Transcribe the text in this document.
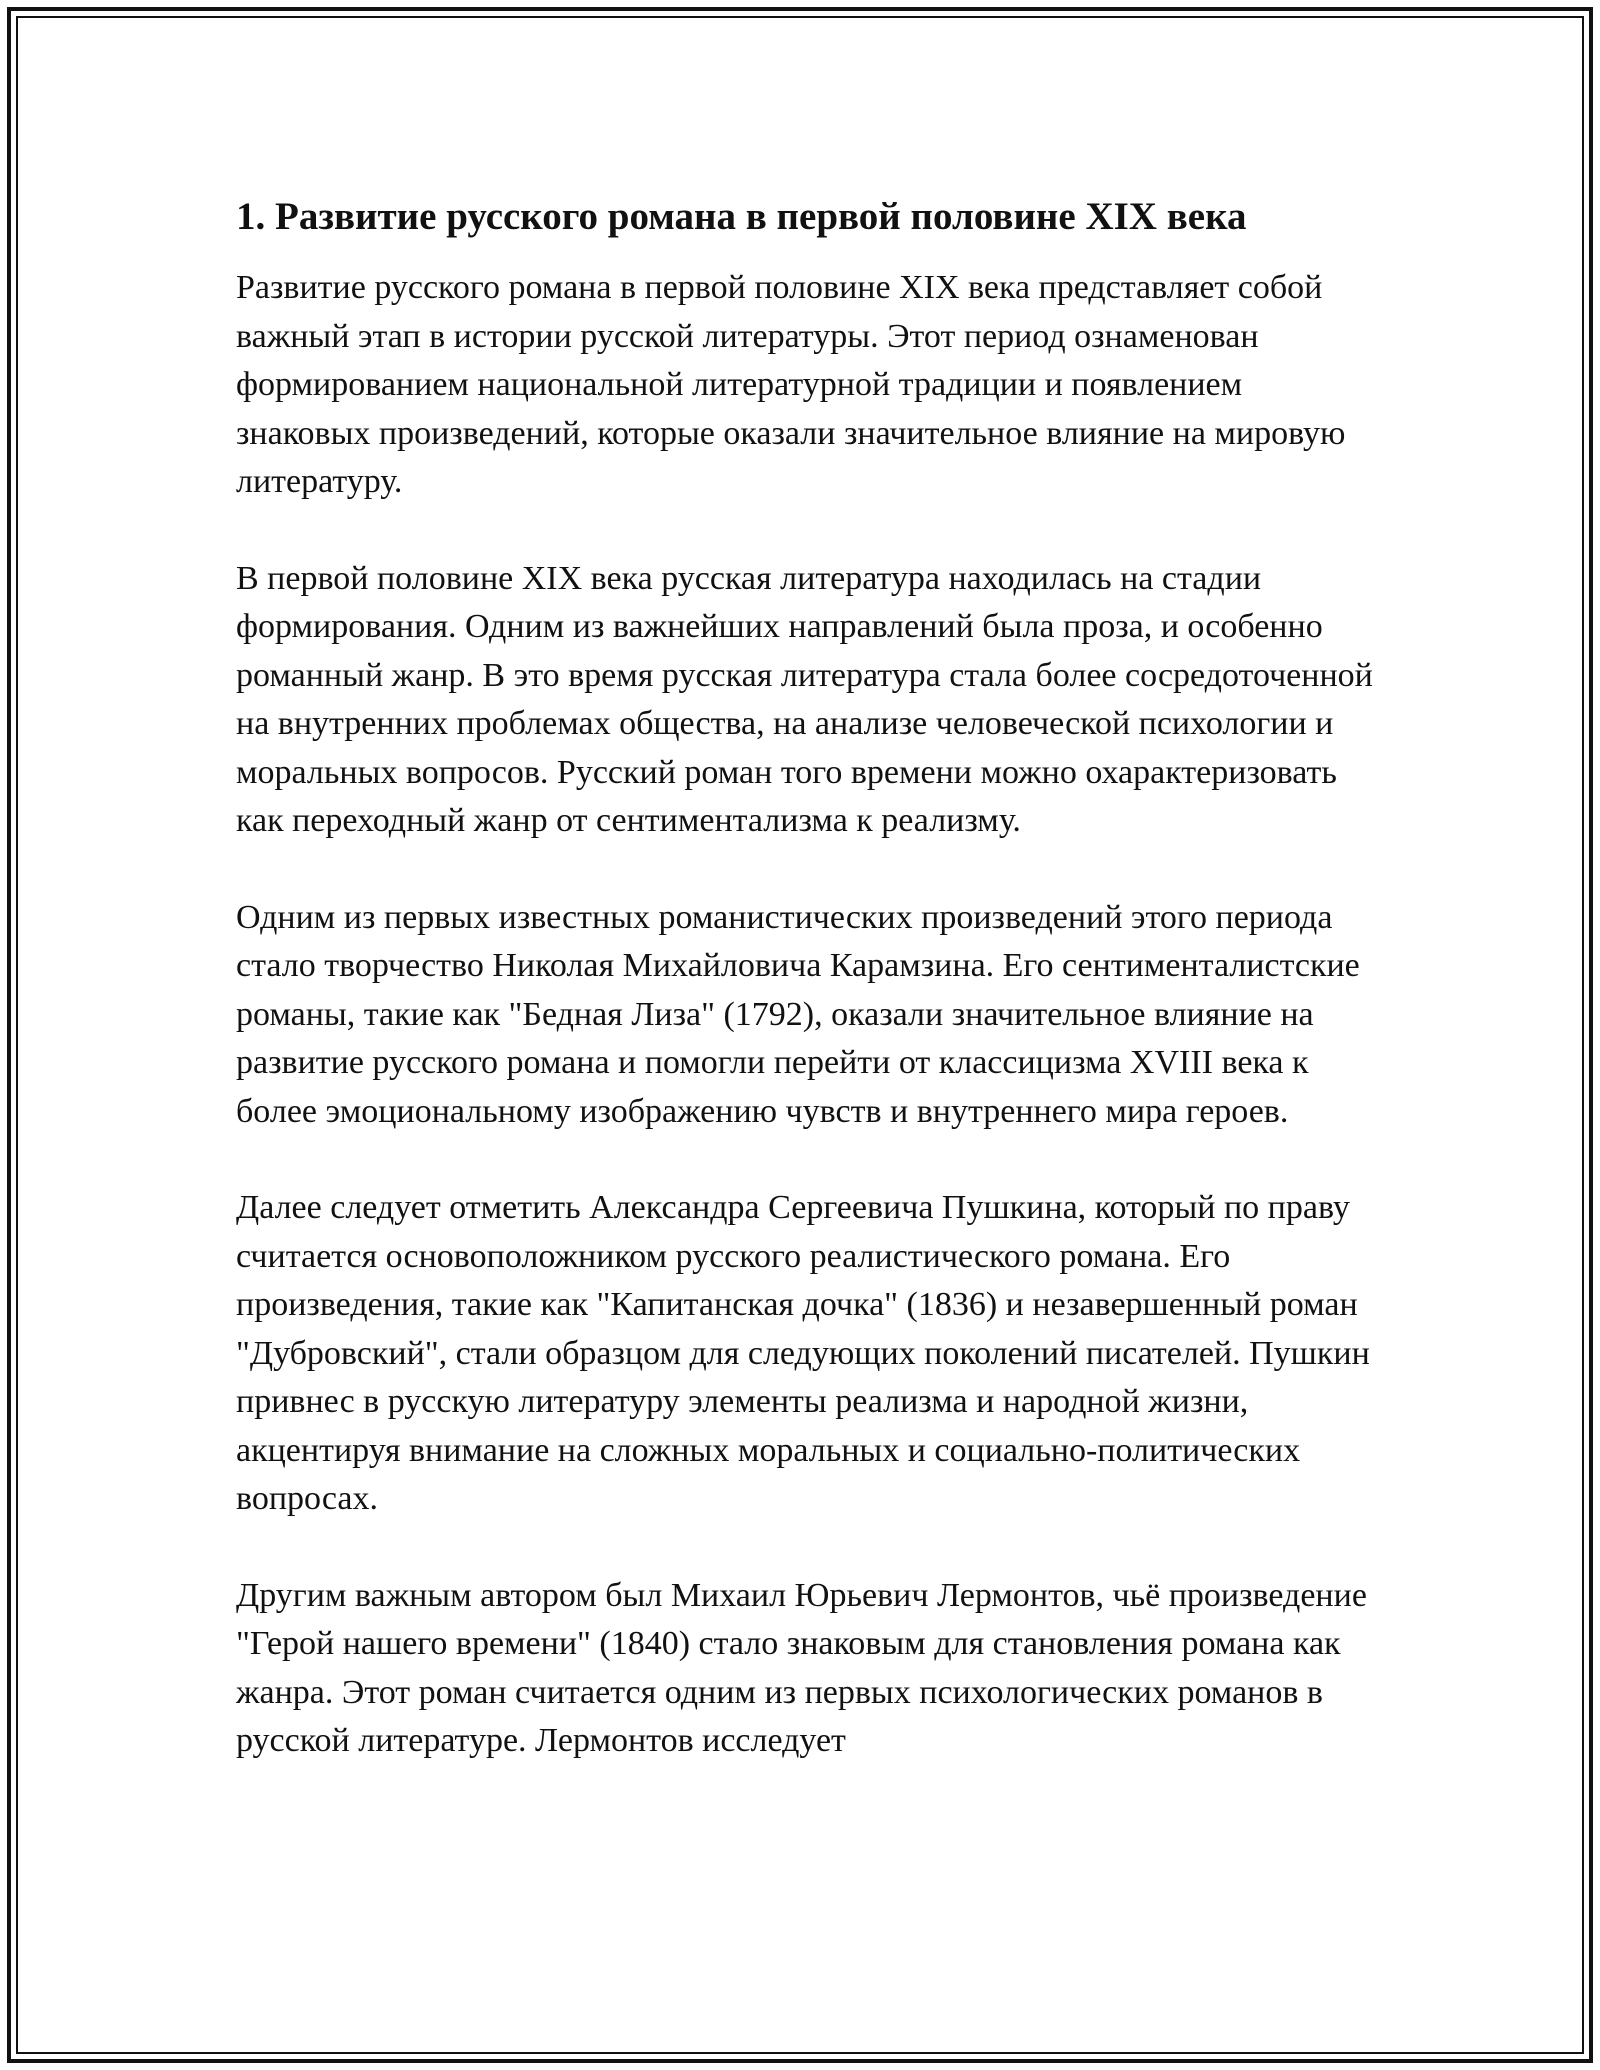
1. Развитие русского романа в первой половине XIX века

Развитие русского романа в первой половине XIX века представляет собой важный этап в истории русской литературы. Этот период ознаменован формированием национальной литературной традиции и появлением знаковых произведений, которые оказали значительное влияние на мировую литературу.

В первой половине XIX века русская литература находилась на стадии формирования. Одним из важнейших направлений была проза, и особенно романный жанр. В это время русская литература стала более сосредоточенной на внутренних проблемах общества, на анализе человеческой психологии и моральных вопросов. Русский роман того времени можно охарактеризовать как переходный жанр от сентиментализма к реализму.

Одним из первых известных романистических произведений этого периода стало творчество Николая Михайловича Карамзина. Его сентименталистские романы, такие как "Бедная Лиза" (1792), оказали значительное влияние на развитие русского романа и помогли перейти от классицизма XVIII века к более эмоциональному изображению чувств и внутреннего мира героев.

Далее следует отметить Александра Сергеевича Пушкина, который по праву считается основоположником русского реалистического романа. Его произведения, такие как "Капитанская дочка" (1836) и незавершенный роман "Дубровский", стали образцом для следующих поколений писателей. Пушкин привнес в русскую литературу элементы реализма и народной жизни, акцентируя внимание на сложных моральных и социально-политических вопросах.

Другим важным автором был Михаил Юрьевич Лермонтов, чьё произведение "Герой нашего времени" (1840) стало знаковым для становления романа как жанра. Этот роман считается одним из первых психологических романов в русской литературе. Лермонтов исследует
